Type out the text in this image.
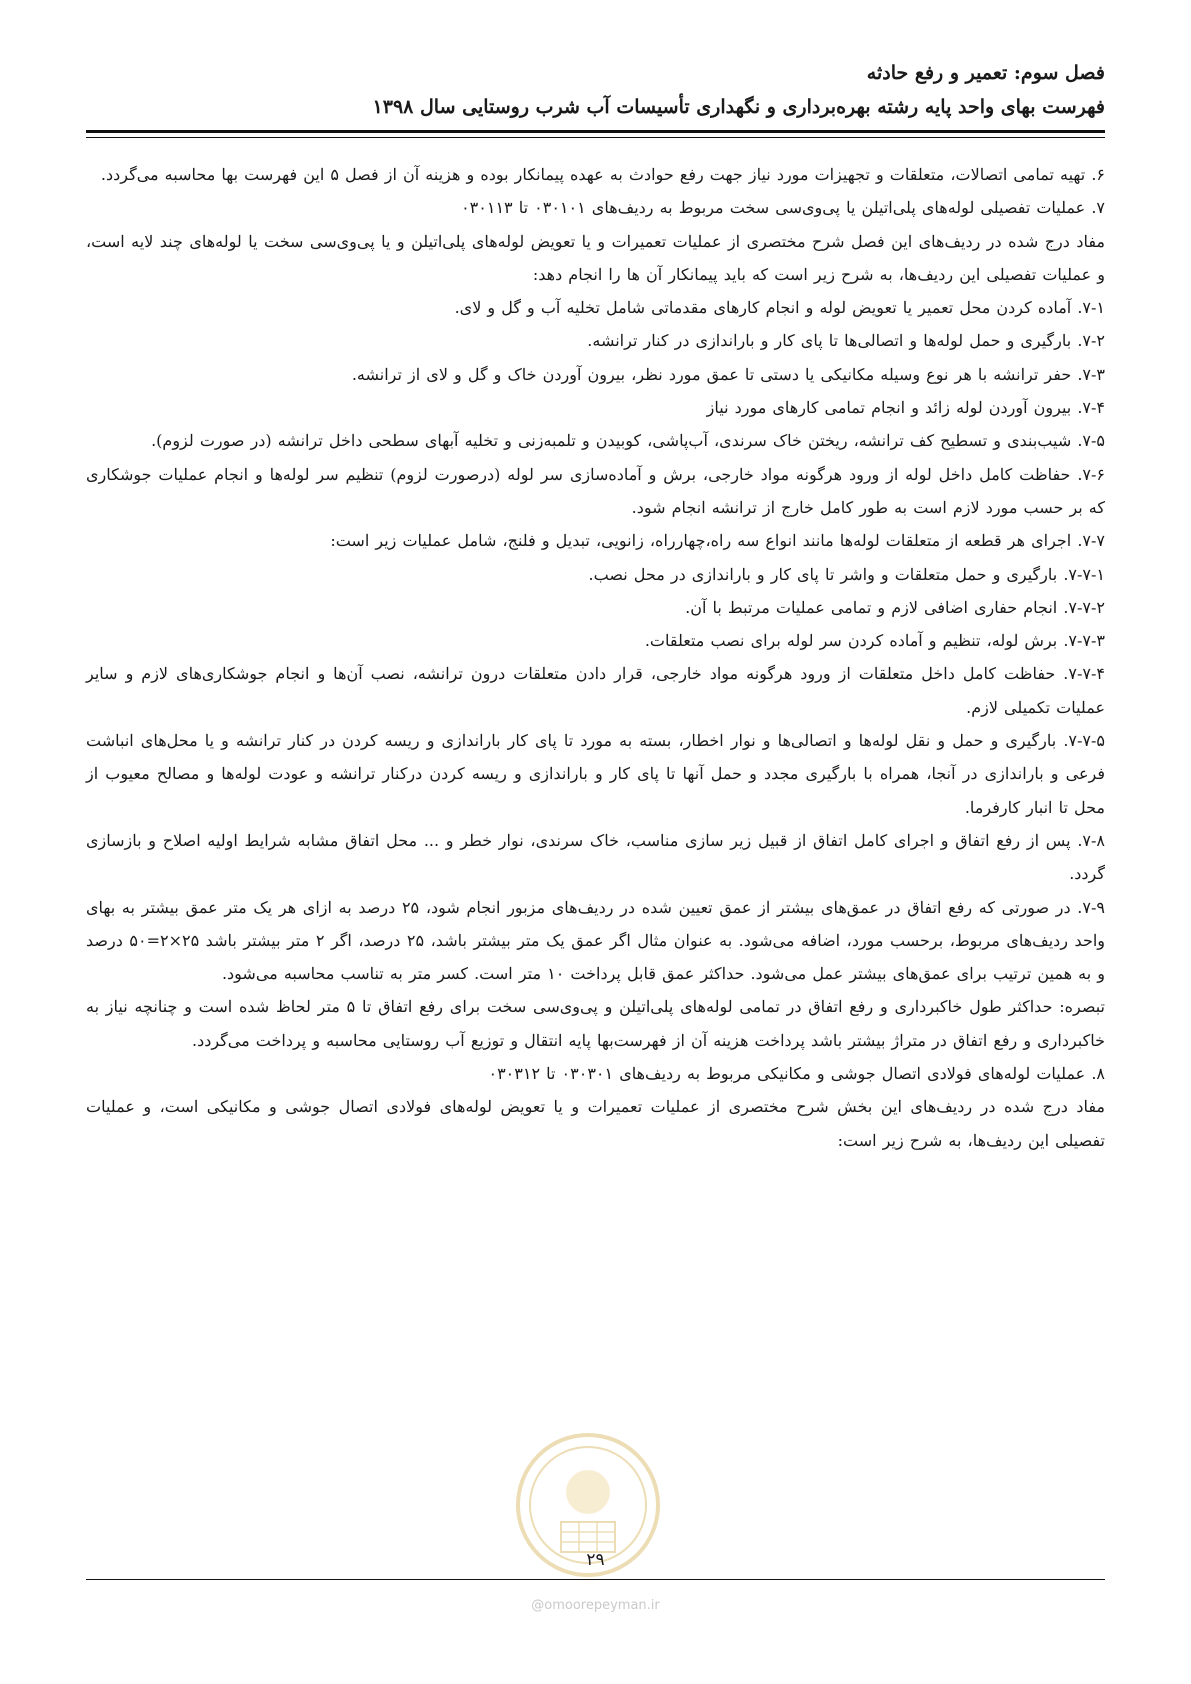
فصل سوم: تعمیر و رفع حادثه
فهرست بهای واحد پایه رشته بهره‌برداری و نگهداری تأسیسات آب شرب روستایی سال ۱۳۹۸

۶. تهیه تمامی اتصالات، متعلقات و تجهیزات مورد نیاز جهت رفع حوادث به عهده پیمانکار بوده و هزینه آن از فصل ۵ این فهرست بها محاسبه می‌گردد.

۷. عملیات تفصیلی لوله‌های پلی‌اتیلن یا پی‌وی‌سی سخت مربوط به ردیف‌های ۰۳۰۱۰۱ تا ۰۳۰۱۱۳

مفاد درج شده در ردیف‌های این فصل شرح مختصری از عملیات تعمیرات و یا تعویض لوله‌های پلی‌اتیلن و یا پی‌وی‌سی سخت یا لوله‌های چند لایه است، و عملیات تفصیلی این ردیف‌ها، به شرح زیر است که باید پیمانکار آن ها را انجام دهد:

۷-۱. آماده کردن محل تعمیر یا تعویض لوله و انجام کارهای مقدماتی شامل تخلیه آب و گل و لای.

۷-۲. بارگیری و حمل لوله‌ها و اتصالی‌ها تا پای کار و باراندازی در کنار ترانشه.

۷-۳. حفر ترانشه با هر نوع وسیله مکانیکی یا دستی تا عمق مورد نظر، بیرون آوردن خاک و گل و لای از ترانشه.

۷-۴. بیرون آوردن لوله زائد و انجام تمامی کارهای مورد نیاز

۷-۵. شیب‌بندی و تسطیح کف ترانشه، ریختن خاک سرندی، آب‌پاشی، کوبیدن و تلمبه‌زنی و تخلیه آبهای سطحی داخل ترانشه (در صورت لزوم).

۷-۶. حفاظت کامل داخل لوله از ورود هرگونه مواد خارجی، برش و آماده‌سازی سر لوله (درصورت لزوم) تنظیم سر لوله‌ها و انجام عملیات جوشکاری که بر حسب مورد لازم است به طور کامل خارج از ترانشه انجام شود.

۷-۷. اجرای هر قطعه از متعلقات لوله‌ها مانند انواع سه راه،چهارراه، زانویی، تبدیل و فلنج، شامل عملیات زیر است:

۷-۷-۱. بارگیری و حمل متعلقات و واشر تا پای کار و باراندازی در محل نصب.

۷-۷-۲. انجام حفاری اضافی لازم و تمامی عملیات مرتبط با آن.

۷-۷-۳. برش لوله، تنظیم و آماده کردن سر لوله برای نصب متعلقات.

۷-۷-۴. حفاظت کامل داخل متعلقات از ورود هرگونه مواد خارجی، قرار دادن متعلقات درون ترانشه، نصب آن‌ها و انجام جوشکاری‌های لازم و سایر عملیات تکمیلی لازم.

۷-۷-۵. بارگیری و حمل و نقل لوله‌ها و اتصالی‌ها و نوار اخطار، بسته به مورد تا پای کار باراندازی و ریسه کردن در کنار ترانشه و یا محل‌های انباشت فرعی و باراندازی در آنجا، همراه با بارگیری مجدد و حمل آنها تا پای کار و باراندازی و ریسه کردن درکنار ترانشه و عودت لوله‌ها و مصالح معیوب از محل تا انبار کارفرما.

۷-۸. پس از رفع اتفاق و اجرای کامل اتفاق از قبیل زیر سازی مناسب، خاک سرندی، نوار خطر و ... محل اتفاق مشابه شرایط اولیه اصلاح و بازسازی گردد.

۷-۹. در صورتی که رفع اتفاق در عمق‌های بیشتر از عمق تعیین شده در ردیف‌های مزبور انجام شود، ۲۵ درصد به ازای هر یک متر عمق بیشتر به بهای واحد ردیف‌های مربوط، برحسب مورد، اضافه می‌شود. به عنوان مثال اگر عمق یک متر بیشتر باشد، ۲۵ درصد، اگر ۲ متر بیشتر باشد ۲۵×۲=۵۰ درصد و به همین ترتیب برای عمق‌های بیشتر عمل می‌شود. حداکثر عمق قابل پرداخت ۱۰ متر است. کسر متر به تناسب محاسبه می‌شود.

تبصره: حداکثر طول خاکبرداری و رفع اتفاق در تمامی لوله‌های پلی‌اتیلن و پی‌وی‌سی سخت برای رفع اتفاق تا ۵ متر لحاظ شده است و چنانچه نیاز به خاکبرداری و رفع اتفاق در متراژ بیشتر باشد پرداخت هزینه آن از فهرست‌بها پایه انتقال و توزیع آب روستایی محاسبه و پرداخت می‌گردد.

۸. عملیات لوله‌های فولادی اتصال جوشی و مکانیکی مربوط به ردیف‌های ۰۳۰۳۰۱ تا ۰۳۰۳۱۲

مفاد درج شده در ردیف‌های این بخش شرح مختصری از عملیات تعمیرات و یا تعویض لوله‌های فولادی اتصال جوشی و مکانیکی است، و عملیات تفصیلی این ردیف‌ها، به شرح زیر است:

۲۹
@omoorepeyman.ir
